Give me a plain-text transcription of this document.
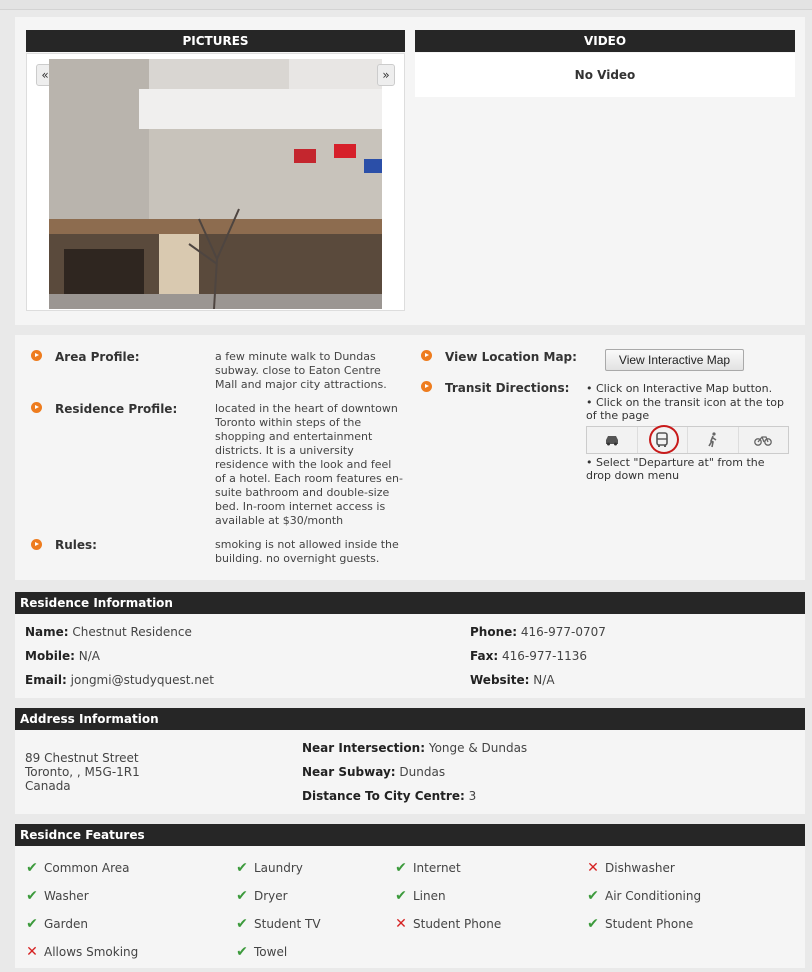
PICTURES	VIDEO
«	»	No Video
Area Profile:	a few minute walk to Dundas subway. close to Eaton Centre Mall and major city attractions.
Residence Profile:	located in the heart of downtown Toronto within steps of the shopping and entertainment districts. It is a university residence with the look and feel of a hotel. Each room features en-suite bathroom and double-size bed. In-room internet access is available at $30/month
Rules:	smoking is not allowed inside the building. no overnight guests.
View Location Map:	View Interactive Map
Transit Directions: • Click on Interactive Map button.
• Click on the transit icon at the top of the page
• Select "Departure at" from the drop down menu
Residence Information
Name: Chestnut Residence	Phone: 416-977-0707
Mobile: N/A	Fax: 416-977-1136
Email: jongmi@studyquest.net	Website: N/A
Address Information
89 Chestnut Street
Toronto, , M5G-1R1
Canada
Near Intersection: Yonge & Dundas
Near Subway: Dundas
Distance To City Centre: 3
Residnce Features
✔ Common Area	✔ Laundry	✔ Internet	✕ Dishwasher
✔ Washer	✔ Dryer	✔ Linen	✔ Air Conditioning
✔ Garden	✔ Student TV	✕ Student Phone	✔ Student Phone
✕ Allows Smoking	✔ Towel
